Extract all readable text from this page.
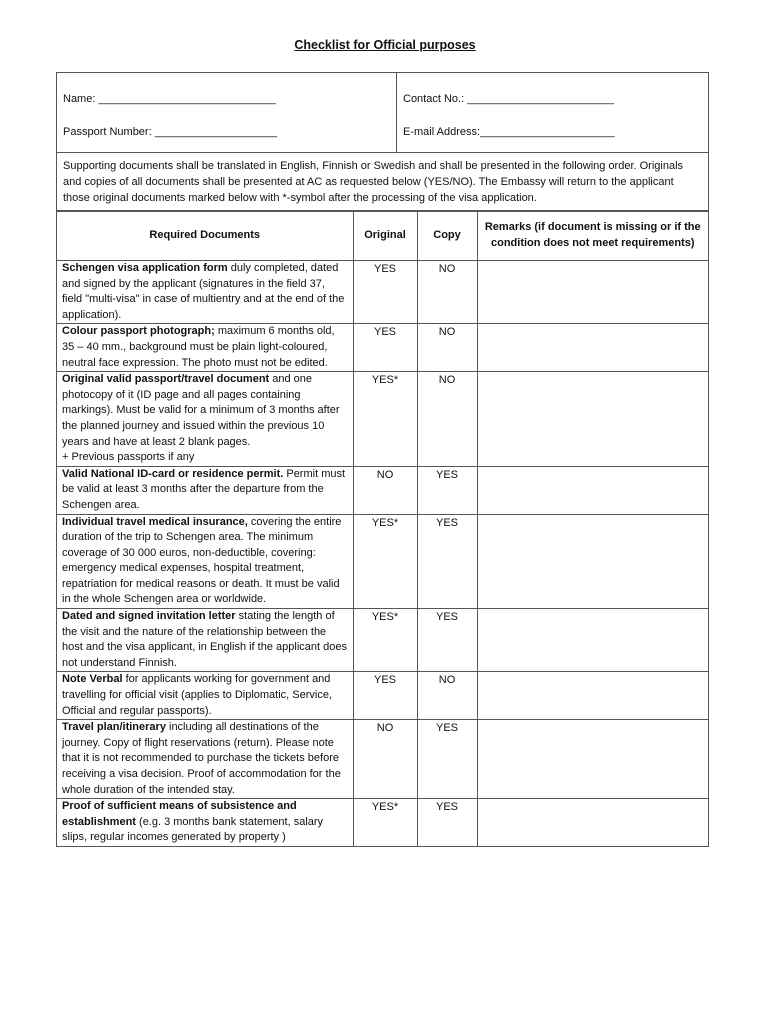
Checklist for Official purposes
Name: _____________________________
Passport Number: ____________________
Contact No.: ________________________
E-mail Address:______________________
Supporting documents shall be translated in English, Finnish or Swedish and shall be presented in the following order. Originals and copies of all documents shall be presented at AC as requested below (YES/NO). The Embassy will return to the applicant those original documents marked below with *-symbol after the processing of the visa application.
Required Documents	Original	Copy	Remarks (if document is missing or if the condition does not meet requirements)
Schengen visa application form duly completed, dated and signed by the applicant (signatures in the field 37, field "multi-visa" in case of multientry and at the end of the application).	YES	NO	
Colour passport photograph; maximum 6 months old, 35 – 40 mm., background must be plain light-coloured, neutral face expression. The photo must not be edited.	YES	NO	
Original valid passport/travel document and one photocopy of it (ID page and all pages containing markings). Must be valid for a minimum of 3 months after the planned journey and issued within the previous 10 years and have at least 2 blank pages.
+ Previous passports if any	YES*	NO	
Valid National ID-card or residence permit. Permit must be valid at least 3 months after the departure from the Schengen area.	NO	YES	
Individual travel medical insurance, covering the entire duration of the trip to Schengen area. The minimum coverage of 30 000 euros, non-deductible, covering: emergency medical expenses, hospital treatment, repatriation for medical reasons or death. It must be valid in the whole Schengen area or worldwide.	YES*	YES	
Dated and signed invitation letter stating the length of the visit and the nature of the relationship between the host and the visa applicant, in English if the applicant does not understand Finnish.	YES*	YES	
Note Verbal for applicants working for government and travelling for official visit (applies to Diplomatic, Service, Official and regular passports).	YES	NO	
Travel plan/itinerary including all destinations of the journey. Copy of flight reservations (return). Please note that it is not recommended to purchase the tickets before receiving a visa decision. Proof of accommodation for the whole duration of the intended stay.	NO	YES	
Proof of sufficient means of subsistence and establishment (e.g. 3 months bank statement, salary slips, regular incomes generated by property )	YES*	YES	
